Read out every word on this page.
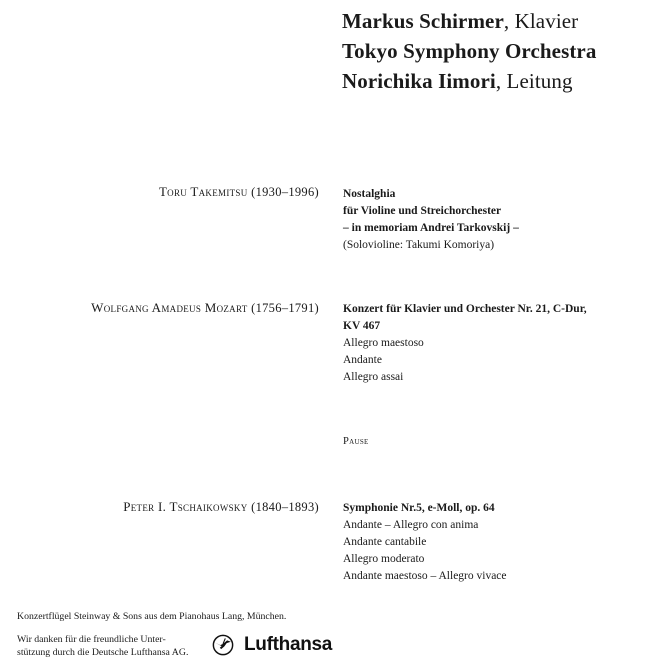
Markus Schirmer, Klavier
Tokyo Symphony Orchestra
Norichika Iimori, Leitung
Toru Takemitsu (1930–1996) Nostalghia
für Violine und Streichorchester
– in memoriam Andrei Tarkovskij –
(Solovioline: Takumi Komoriya)
Wolfgang Amadeus Mozart (1756–1791) Konzert für Klavier und Orchester Nr. 21, C-Dur,
KV 467
Allegro maestoso
Andante
Allegro assai
Pause
Peter I. Tschaikowsky (1840–1893) Symphonie Nr.5, e-Moll, op. 64
Andante – Allegro con anima
Andante cantabile
Allegro moderato
Andante maestoso – Allegro vivace
Konzertflügel Steinway & Sons aus dem Pianohaus Lang, München.
Wir danken für die freundliche Unter-
stützung durch die Deutsche Lufthansa AG.	Lufthansa
